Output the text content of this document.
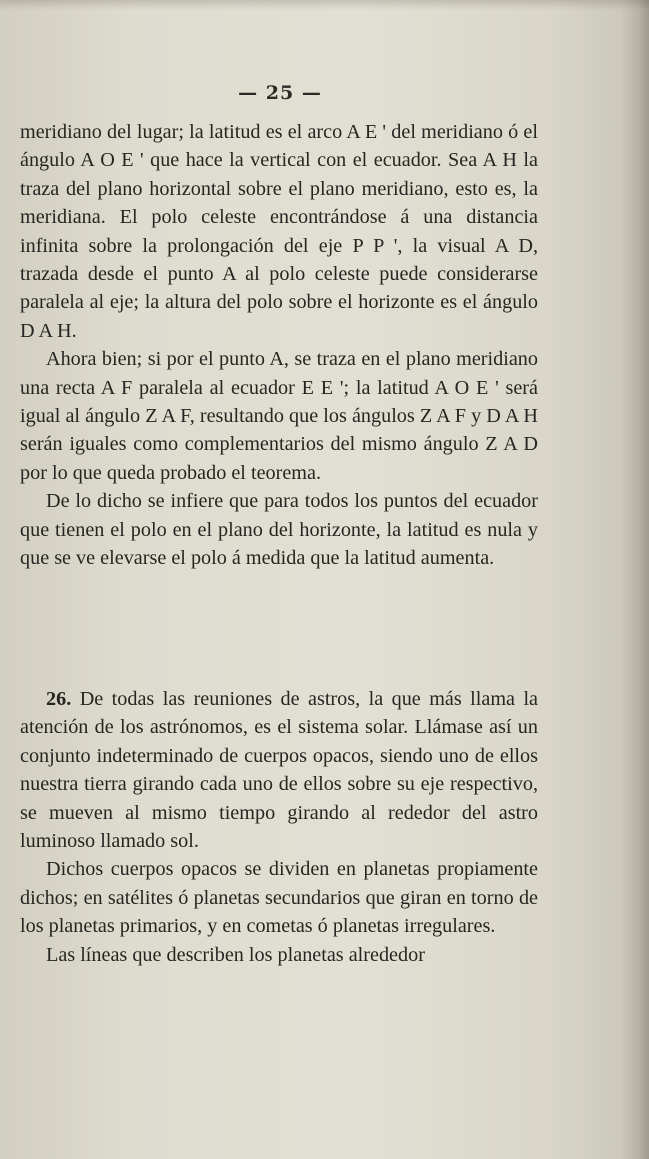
— 25 —

meridiano del lugar; la latitud es el arco A E ' del meridiano ó el ángulo A O E ' que hace la vertical con el ecuador. Sea A H la traza del plano horizontal sobre el plano meridiano, esto es, la meridiana. El polo celeste encontrándose á una distancia infinita sobre la prolongación del eje P P ', la visual A D, trazada desde el punto A al polo celeste puede considerarse paralela al eje; la altura del polo sobre el horizonte es el ángulo D A H.

Ahora bien; si por el punto A, se traza en el plano meridiano una recta A F paralela al ecuador E E '; la latitud A O E ' será igual al ángulo Z A F, resultando que los ángulos Z A F y D A H serán iguales como complementarios del mismo ángulo Z A D por lo que queda probado el teorema.

De lo dicho se infiere que para todos los puntos del ecuador que tienen el polo en el plano del horizonte, la latitud es nula y que se ve elevarse el polo á medida que la latitud aumenta.

26. De todas las reuniones de astros, la que más llama la atención de los astrónomos, es el sistema solar. Llámase así un conjunto indeterminado de cuerpos opacos, siendo uno de ellos nuestra tierra girando cada uno de ellos sobre su eje respectivo, se mueven al mismo tiempo girando al rededor del astro luminoso llamado sol.

Dichos cuerpos opacos se dividen en planetas propiamente dichos; en satélites ó planetas secundarios que giran en torno de los planetas primarios, y en cometas ó planetas irregulares.

Las líneas que describen los planetas alrededor
